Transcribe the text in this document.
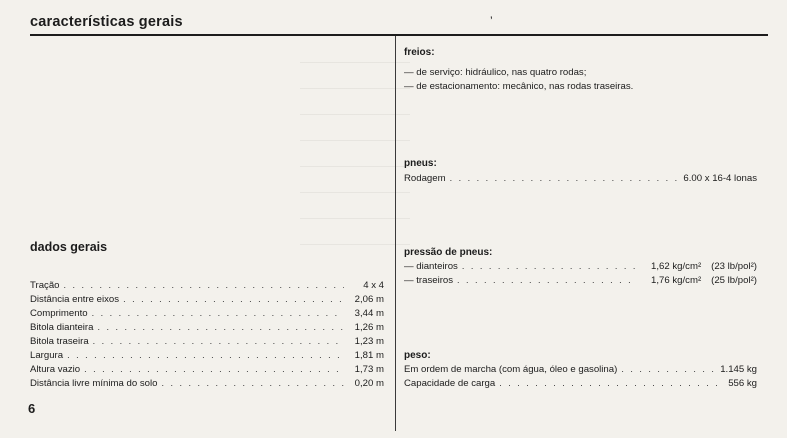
características gerais	’
dados gerais
Tração . . .	4 x 4
Distância entre eixos . . .	2,06 m
Comprimento . . .	3,44 m
Bitola dianteira . . .	1,26 m
Bitola traseira . . .	1,23 m
Largura . . .	1,81 m
Altura vazio . . .	1,73 m
Distância livre mínima do solo . . .	0,20 m
6
freios:
— de serviço: hidráulico, nas quatro rodas;
— de estacionamento: mecânico, nas rodas traseiras.
pneus:
Rodagem . . .	6.00 x 16-4 lonas
pressão de pneus:
— dianteiros . . .	1,62 kg/cm² (23 lb/pol²)
— traseiros . . .	1,76 kg/cm² (25 lb/pol²)
peso:
Em ordem de marcha (com água, óleo e gasolina) . . .	1.145 kg
Capacidade de carga . . .	556 kg
